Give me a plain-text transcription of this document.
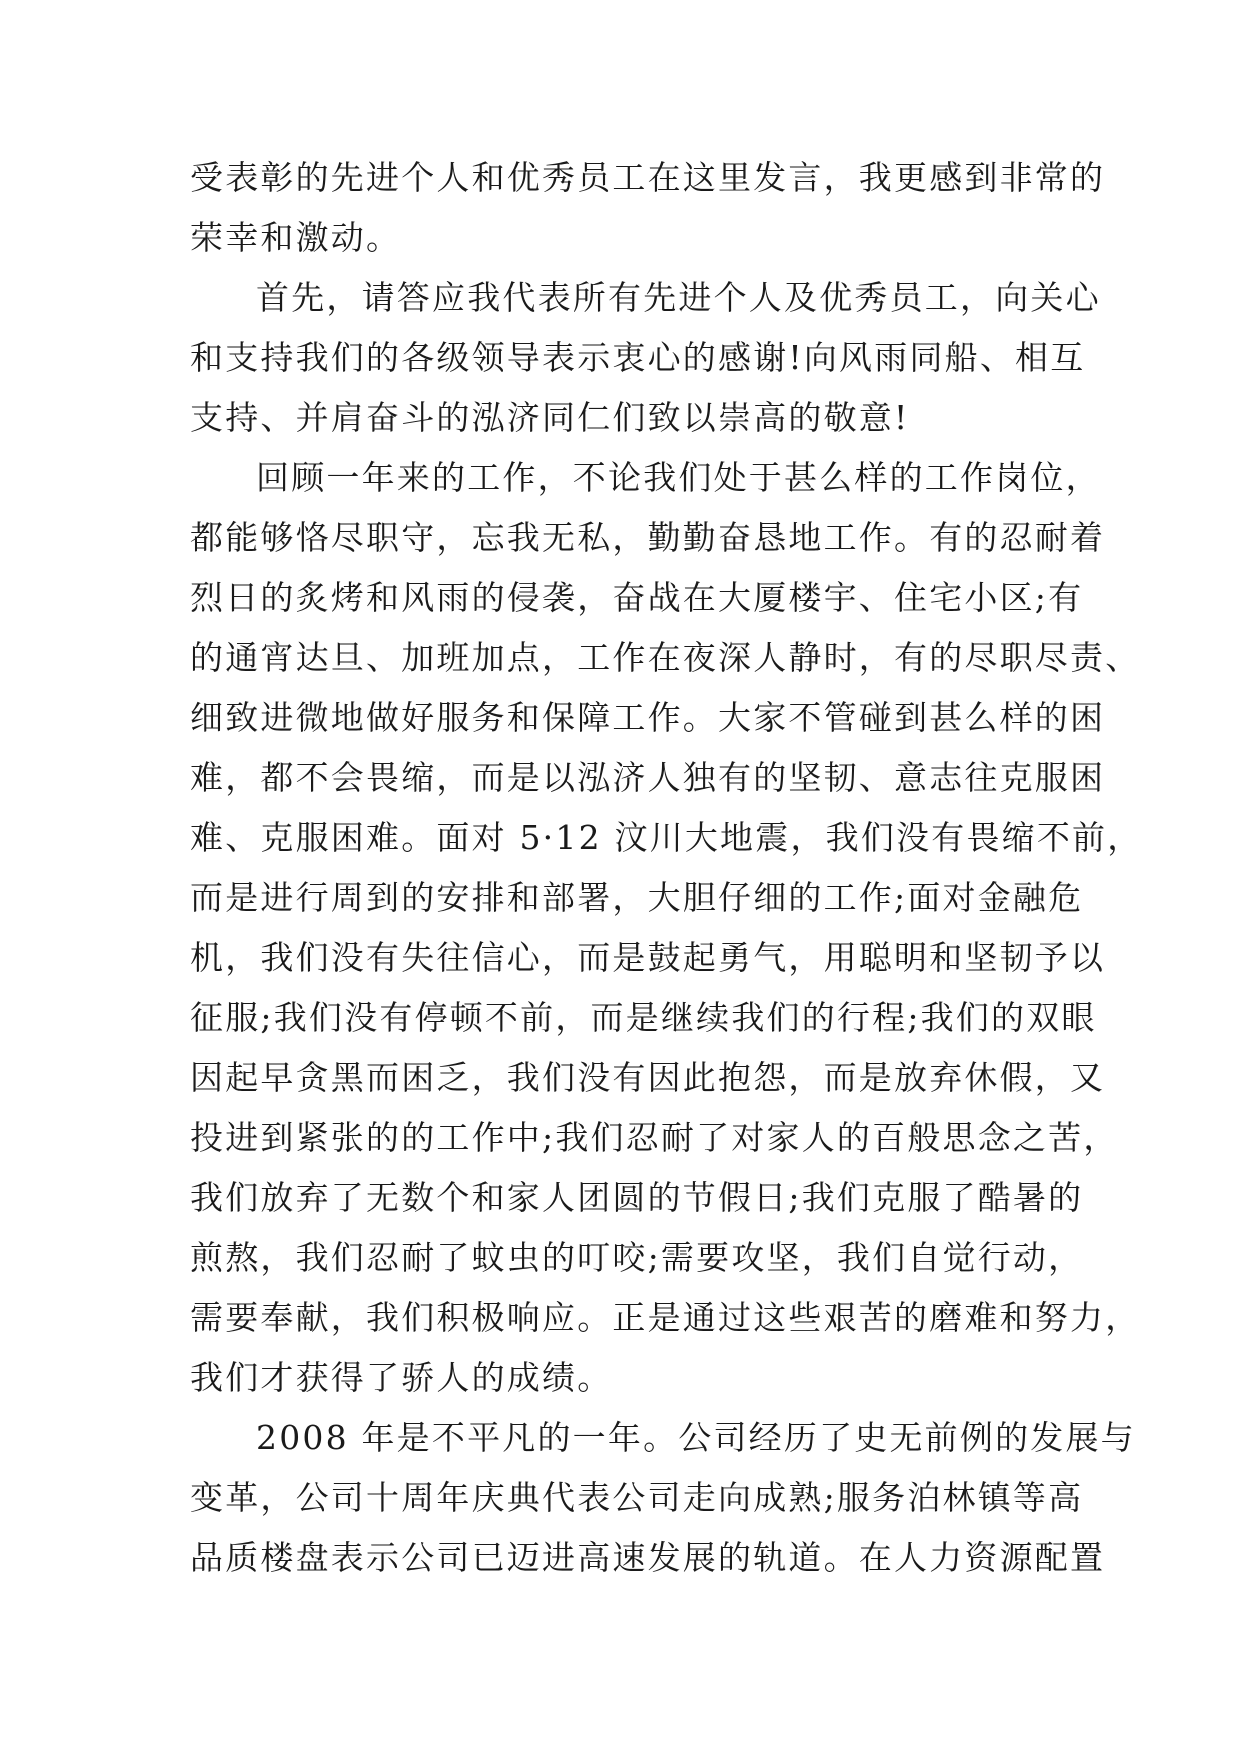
受表彰的先进个人和优秀员工在这里发言，我更感到非常的
荣幸和激动。
首先，请答应我代表所有先进个人及优秀员工，向关心
和支持我们的各级领导表示衷心的感谢!向风雨同船、相互
支持、并肩奋斗的泓济同仁们致以崇高的敬意!
回顾一年来的工作，不论我们处于甚么样的工作岗位，
都能够恪尽职守，忘我无私，勤勤奋恳地工作。有的忍耐着
烈日的炙烤和风雨的侵袭，奋战在大厦楼宇、住宅小区;有
的通宵达旦、加班加点，工作在夜深人静时，有的尽职尽责、
细致进微地做好服务和保障工作。大家不管碰到甚么样的困
难，都不会畏缩，而是以泓济人独有的坚韧、意志往克服困
难、克服困难。面对 5·12 汶川大地震，我们没有畏缩不前，
而是进行周到的安排和部署，大胆仔细的工作;面对金融危
机，我们没有失往信心，而是鼓起勇气，用聪明和坚韧予以
征服;我们没有停顿不前，而是继续我们的行程;我们的双眼
因起早贪黑而困乏，我们没有因此抱怨，而是放弃休假，又
投进到紧张的的工作中;我们忍耐了对家人的百般思念之苦，
我们放弃了无数个和家人团圆的节假日;我们克服了酷暑的
煎熬，我们忍耐了蚊虫的叮咬;需要攻坚，我们自觉行动，
需要奉献，我们积极响应。正是通过这些艰苦的磨难和努力，
我们才获得了骄人的成绩。
2008 年是不平凡的一年。公司经历了史无前例的发展与
变革，公司十周年庆典代表公司走向成熟;服务泊林镇等高
品质楼盘表示公司已迈进高速发展的轨道。在人力资源配置
